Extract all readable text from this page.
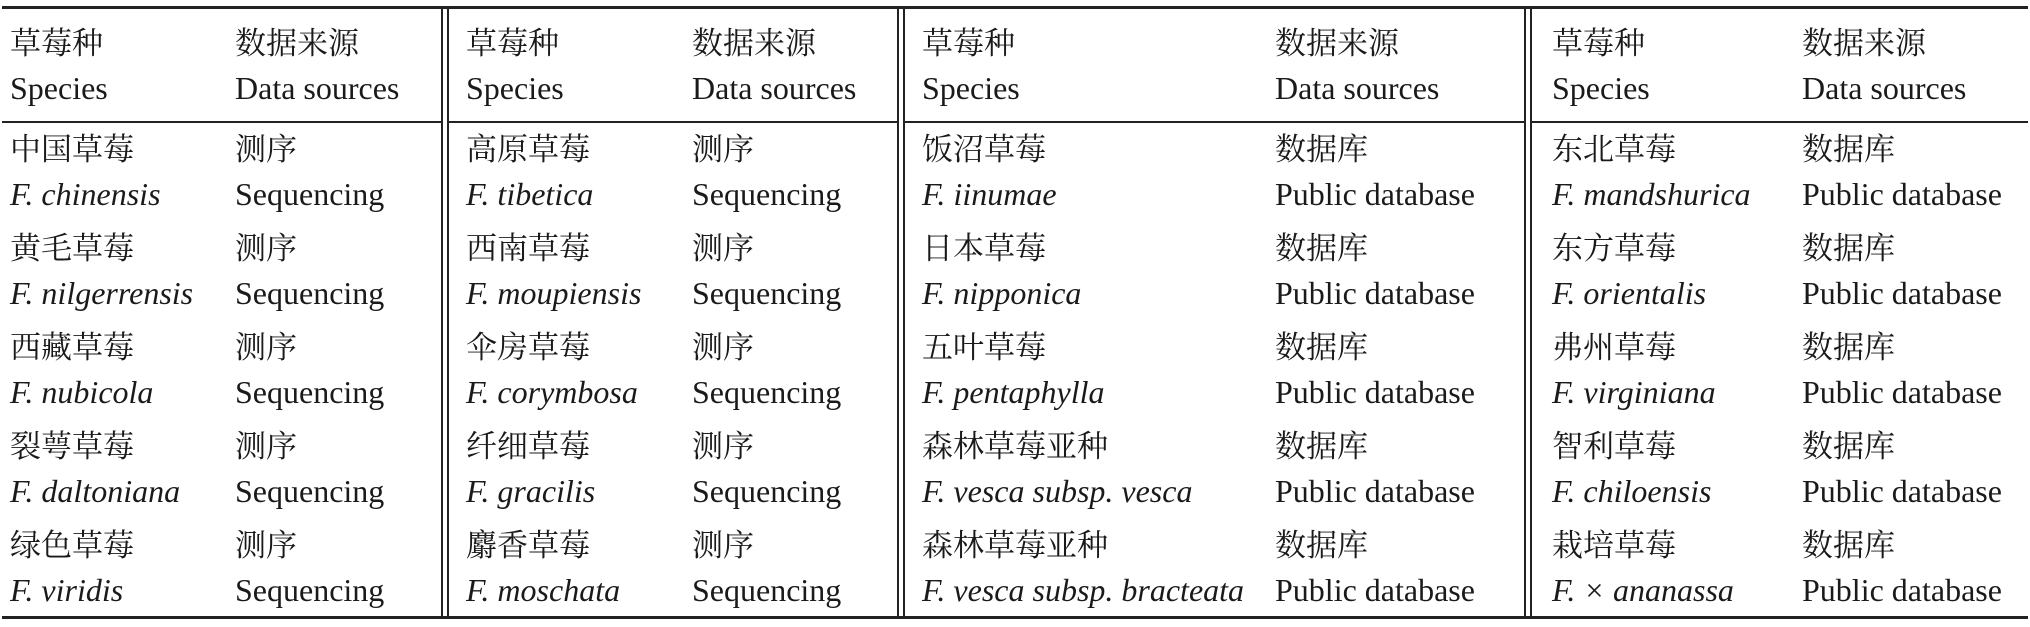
草莓种
Species
数据来源
Data sources
中国草莓
F. chinensis
测序
Sequencing
黄毛草莓
F. nilgerrensis
测序
Sequencing
西藏草莓
F. nubicola
测序
Sequencing
裂萼草莓
F. daltoniana
测序
Sequencing
绿色草莓
F. viridis
测序
Sequencing
草莓种
Species
数据来源
Data sources
高原草莓
F. tibetica
测序
Sequencing
西南草莓
F. moupiensis
测序
Sequencing
伞房草莓
F. corymbosa
测序
Sequencing
纤细草莓
F. gracilis
测序
Sequencing
麝香草莓
F. moschata
测序
Sequencing
草莓种
Species
数据来源
Data sources
饭沼草莓
F. iinumae
数据库
Public database
日本草莓
F. nipponica
数据库
Public database
五叶草莓
F. pentaphylla
数据库
Public database
森林草莓亚种
F. vesca subsp. vesca
数据库
Public database
森林草莓亚种
F. vesca subsp. bracteata
数据库
Public database
草莓种
Species
数据来源
Data sources
东北草莓
F. mandshurica
数据库
Public database
东方草莓
F. orientalis
数据库
Public database
弗州草莓
F. virginiana
数据库
Public database
智利草莓
F. chiloensis
数据库
Public database
栽培草莓
F. × ananassa
数据库
Public database
